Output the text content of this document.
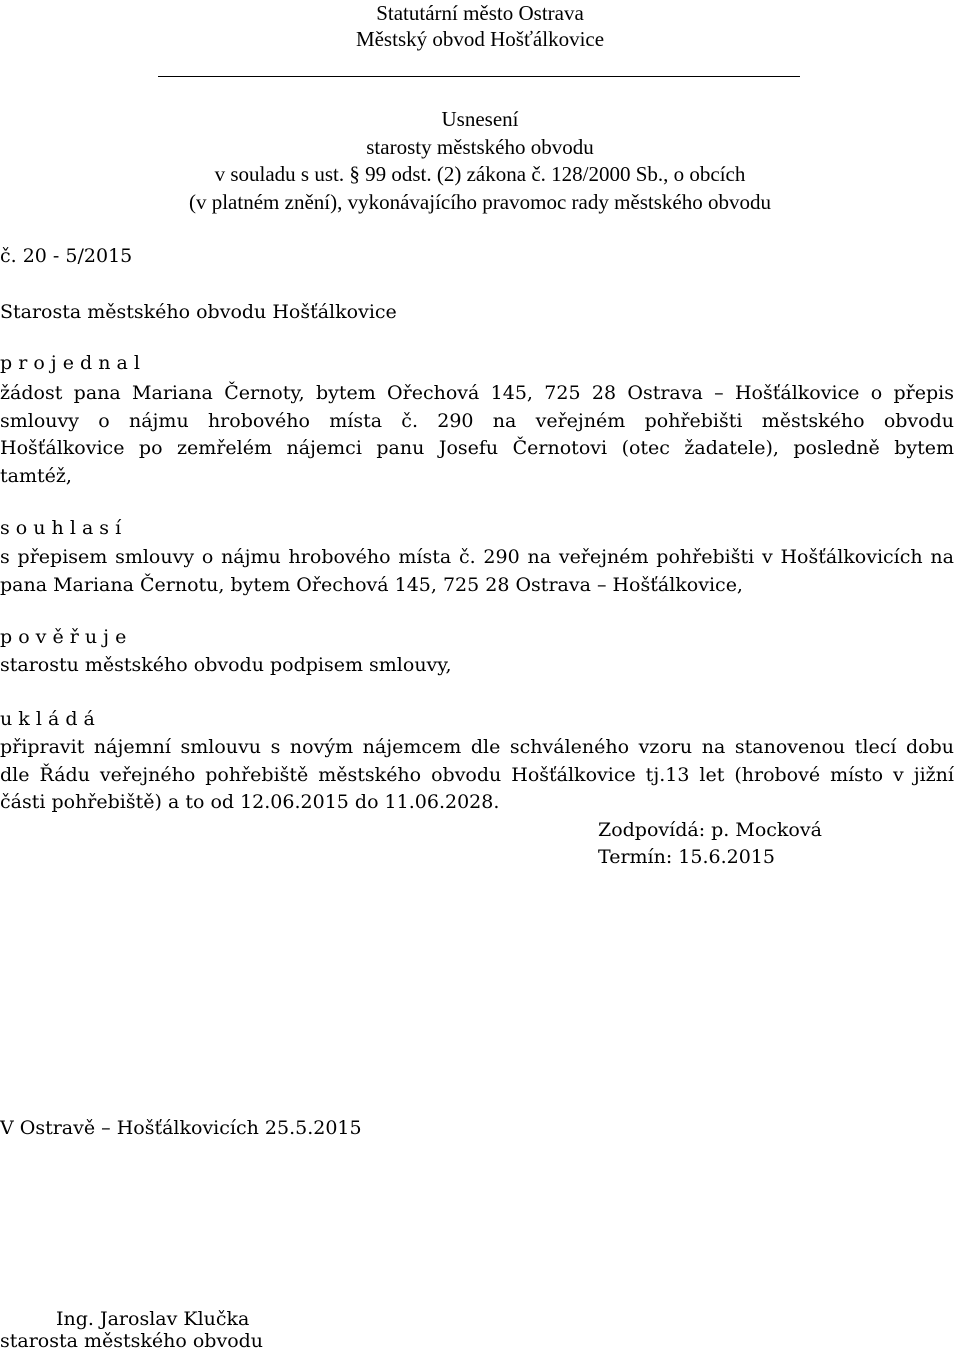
Statutární město Ostrava
Městský obvod Hošťálkovice
Usnesení
starosty městského obvodu
v souladu s ust. § 99 odst. (2) zákona č. 128/2000 Sb., o obcích
(v platném znění), vykonávajícího pravomoc rady městského obvodu
č. 20 - 5/2015
Starosta městského obvodu Hošťálkovice
p r o j e d n a l
žádost pana Mariana Černoty, bytem Ořechová 145, 725 28 Ostrava – Hošťálkovice o přepis
smlouvy o nájmu hrobového místa č. 290 na veřejném pohřebišti městského obvodu
Hošťálkovice po zemřelém nájemci panu Josefu Černotovi (otec žadatele), posledně bytem
tamtéž,
s o u h l a s í
s přepisem smlouvy o nájmu hrobového místa č. 290 na veřejném pohřebišti v Hošťálkovicích na
pana Mariana Černotu, bytem Ořechová 145, 725 28 Ostrava – Hošťálkovice,
p o v ě ř u j e
starostu městského obvodu podpisem smlouvy,
u k l á d á
připravit nájemní smlouvu s novým nájemcem dle schváleného vzoru na stanovenou tlecí dobu
dle Řádu veřejného pohřebiště městského obvodu Hošťálkovice tj.13 let (hrobové místo v jižní
části pohřebiště) a to od 12.06.2015 do 11.06.2028.
Zodpovídá: p. Mocková
Termín: 15.6.2015
V Ostravě – Hošťálkovicích 25.5.2015
Ing. Jaroslav Klučka
starosta městského obvodu
